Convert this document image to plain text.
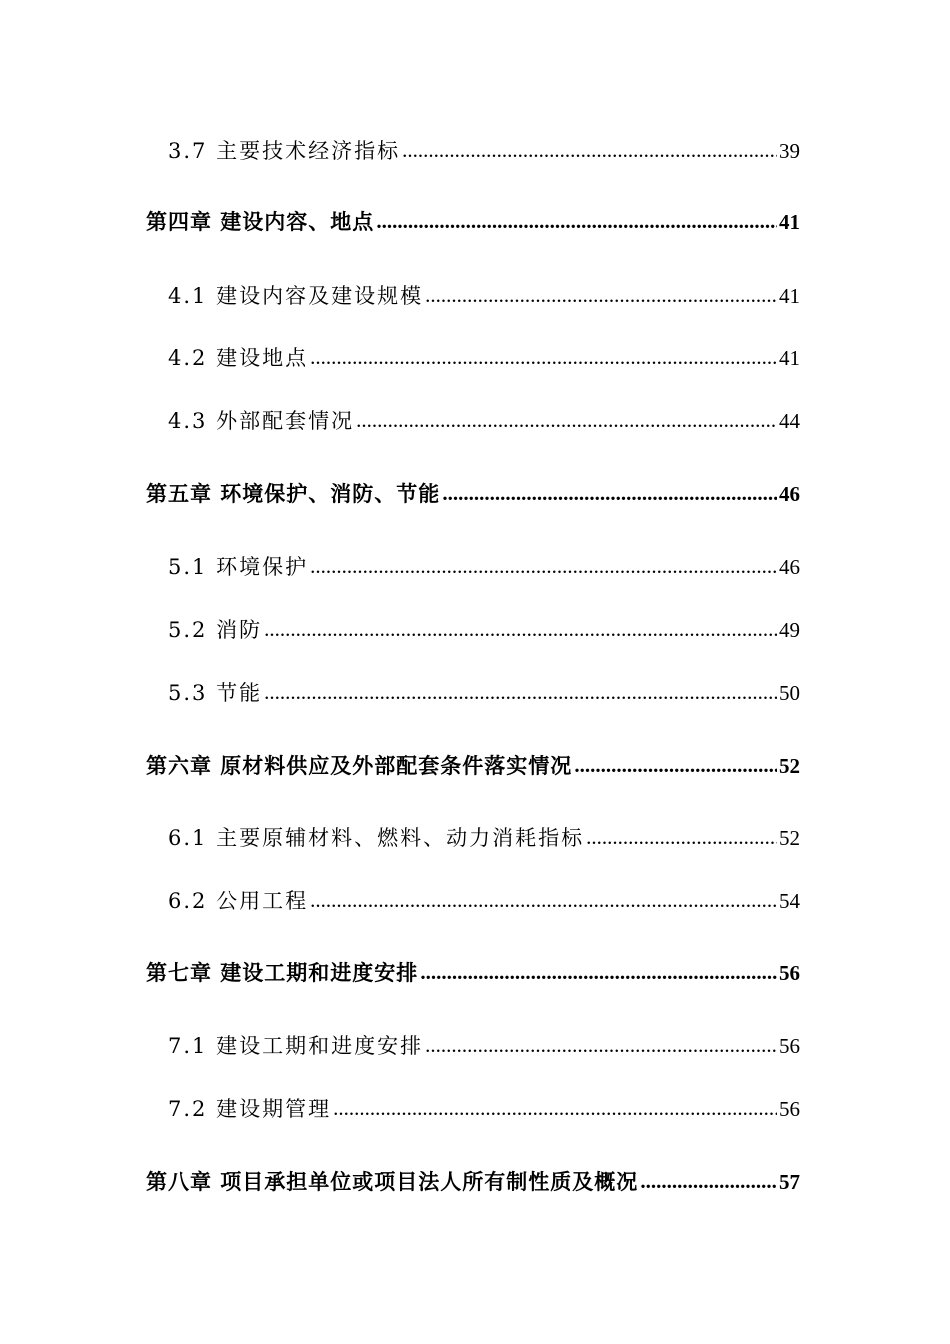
3.7 主要技术经济指标 .....	39
第四章 建设内容、地点 .....	41
4.1 建设内容及建设规模 .....	41
4.2 建设地点 .....	41
4.3 外部配套情况 .....	44
第五章 环境保护、消防、节能 .....	46
5.1 环境保护 .....	46
5.2 消防 .....	49
5.3 节能 .....	50
第六章 原材料供应及外部配套条件落实情况 .....	52
6.1 主要原辅材料、燃料、动力消耗指标 .....	52
6.2 公用工程 .....	54
第七章 建设工期和进度安排 .....	56
7.1 建设工期和进度安排 .....	56
7.2 建设期管理 .....	56
第八章 项目承担单位或项目法人所有制性质及概况 .....	57
